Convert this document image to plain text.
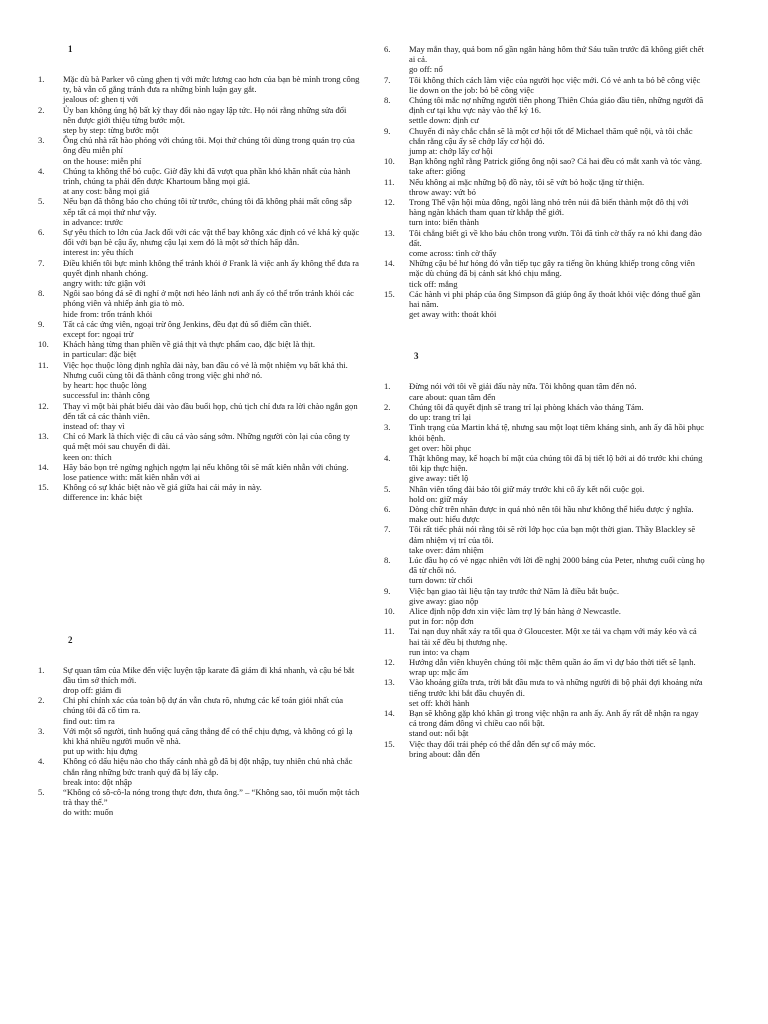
1
1.	Mặc dù bà Parker vô cùng ghen tị với mức lương cao hơn của bạn bè mình trong công ty, bà vẫn cố gắng tránh đưa ra những bình luận gay gắt.
jealous of: ghen tị với
2.	Ủy ban không ủng hộ bất kỳ thay đổi nào ngay lập tức. Họ nói rằng những sửa đổi nên được giới thiệu từng bước một.
step by step: từng bước một
3.	Ông chủ nhà rất hào phóng với chúng tôi. Mọi thứ chúng tôi dùng trong quán trọ của ông đều miễn phí
on the house: miễn phí
4.	Chúng ta không thể bỏ cuộc. Giờ đây khi đã vượt qua phần khó khăn nhất của hành trình, chúng ta phải đến được Khartoum bằng mọi giá.
at any cost: bằng mọi giá
5.	Nếu bạn đã thông báo cho chúng tôi từ trước, chúng tôi đã không phải mất công sắp xếp tất cả mọi thứ như vậy.
in advance: trước
6.	Sự yêu thích to lớn của Jack đối với các vật thể bay không xác định có vẻ khá kỳ quặc đối với bạn bè cậu ấy, nhưng cậu lại xem đó là một sở thích hấp dẫn.
interest in: yêu thích
7.	Điều khiến tôi bực mình không thể tránh khỏi ở Frank là việc anh ấy không thể đưa ra quyết định nhanh chóng.
angry with: tức giận với
8.	Ngôi sao bóng đá sẽ đi nghỉ ở một nơi hẻo lánh nơi anh ấy có thể trốn tránh khỏi các phóng viên và nhiếp ảnh gia tò mò.
hide from: trốn tránh khỏi
9.	Tất cả các ứng viên, ngoại trừ ông Jenkins, đều đạt đủ số điểm cần thiết.
except for: ngoại trừ
10.	Khách hàng từng than phiền về giá thịt và thực phẩm cao, đặc biệt là thịt.
in particular: đặc biệt
11.	Việc học thuộc lòng định nghĩa dài này, ban đầu có vẻ là một nhiệm vụ bất khả thi. Nhưng cuối cùng tôi đã thành công trong việc ghi nhớ nó.
by heart: học thuộc lòng
successful in: thành công
12.	Thay vì một bài phát biểu dài vào đầu buổi họp, chủ tịch chỉ đưa ra lời chào ngắn gọn đến tất cả các thành viên.
instead of: thay vì
13.	Chỉ có Mark là thích việc đi câu cá vào sáng sớm. Những người còn lại của công ty quá mệt mỏi sau chuyến đi dài.
keen on: thích
14.	Hãy bảo bọn trẻ ngừng nghịch ngợm lại nếu không tôi sẽ mất kiên nhẫn với chúng.
lose patience with: mất kiên nhẫn với ai
15.	Không có sự khác biệt nào về giá giữa hai cái máy in này.
difference in: khác biệt
2
1.	Sự quan tâm của Mike đến việc luyện tập karate đã giảm đi khá nhanh, và cậu bé bắt đầu tìm sở thích mới.
drop off: giảm đi
2.	Chi phí chính xác của toàn bộ dự án vẫn chưa rõ, nhưng các kế toán giỏi nhất của chúng tôi đã cố tìm ra.
find out: tìm ra
3.	Với một số người, tình huống quá căng thẳng để có thể chịu đựng, và không có gì lạ khi khá nhiều người muốn về nhà.
put up with: hịu đựng
4.	Không có dấu hiệu nào cho thấy cánh nhà gỗ đã bị đột nhập, tuy nhiên chủ nhà chắc chắn rằng những bức tranh quý đã bị lấy cắp.
break into: đột nhập
5.	“Không có sô-cô-la nóng trong thực đơn, thưa ông.” – “Không sao, tôi muốn một tách trà thay thế.”
do with: muốn
6.	May mắn thay, quả bom nổ gần ngân hàng hôm thứ Sáu tuần trước đã không giết chết ai cả.
go off: nổ
7.	Tôi không thích cách làm việc của người học việc mới. Có vẻ anh ta bỏ bê công việc
lie down on the job: bỏ bê công việc
8.	Chúng tôi mắc nợ những người tiên phong Thiên Chúa giáo đầu tiên, những người đã định cư tại khu vực này vào thế kỷ 16.
settle down: định cư
9.	Chuyến đi này chắc chắn sẽ là một cơ hội tốt để Michael thăm quê nội, và tôi chắc chắn rằng cậu ấy sẽ chớp lấy cơ hội đó.
jump at: chớp lấy cơ hội
10.	Bạn không nghĩ rằng Patrick giống ông nội sao? Cả hai đều có mắt xanh và tóc vàng.
take after: giống
11.	Nếu không ai mặc những bộ đồ này, tôi sẽ vứt bỏ hoặc tặng từ thiện.
throw away: vứt bỏ
12.	Trong Thế vận hội mùa đông, ngôi làng nhỏ trên núi đã biến thành một đô thị với hàng ngàn khách tham quan từ khắp thế giới.
turn into: biến thành
13.	Tôi chẳng biết gì về kho báu chôn trong vườn. Tôi đã tình cờ thấy ra nó khi đang đào đất.
come across: tình cờ thấy
14.	Những cậu bé hư hỏng đó vẫn tiếp tục gây ra tiếng ồn khủng khiếp trong công viên mặc dù chúng đã bị cảnh sát khó chịu mắng.
tick off: mắng
15.	Các hành vi phi pháp của ông Simpson đã giúp ông ấy thoát khỏi việc đóng thuế gần hai năm.
get away with: thoát khỏi
3
1.	Đừng nói với tôi về giải đấu này nữa. Tôi không quan tâm đến nó.
care about: quan tâm đến
2.	Chúng tôi đã quyết định sẽ trang trí lại phòng khách vào tháng Tám.
do up: trang trí lại
3.	Tình trạng của Martin khá tệ, nhưng sau một loạt tiêm kháng sinh, anh ấy đã hồi phục khỏi bệnh.
get over: hồi phục
4.	Thật không may, kế hoạch bí mật của chúng tôi đã bị tiết lộ bởi ai đó trước khi chúng tôi kịp thực hiện.
give away: tiết lộ
5.	Nhân viên tổng đài bảo tôi giữ máy trước khi cô ấy kết nối cuộc gọi.
hold on: giữ máy
6.	Dòng chữ trên nhãn được in quá nhỏ nên tôi hầu như không thể hiểu được ý nghĩa.
make out: hiểu được
7.	Tôi rất tiếc phải nói rằng tôi sẽ rời lớp học của bạn một thời gian. Thầy Blackley sẽ đảm nhiệm vị trí của tôi.
take over: đảm nhiệm
8.	Lúc đầu họ có vẻ ngạc nhiên với lời đề nghị 2000 bảng của Peter, nhưng cuối cùng họ đã từ chối nó.
turn down: từ chối
9.	Việc bạn giao tài liệu tận tay trước thứ Năm là điều bắt buộc.
give away: giao nộp
10.	Alice định nộp đơn xin việc làm trợ lý bán hàng ở Newcastle.
put in for: nộp đơn
11.	Tai nạn duy nhất xảy ra tối qua ở Gloucester. Một xe tải va chạm với máy kéo và cả hai tài xế đều bị thương nhẹ.
run into: va chạm
12.	Hướng dẫn viên khuyên chúng tôi mặc thêm quần áo ấm vì dự báo thời tiết sẽ lạnh.
wrap up: mặc ấm
13.	Vào khoảng giữa trưa, trời bắt đầu mưa to và những người đi bộ phải đợi khoảng nửa tiếng trước khi bắt đầu chuyến đi.
set off: khởi hành
14.	Bạn sẽ không gặp khó khăn gì trong việc nhận ra anh ấy. Anh ấy rất dễ nhận ra ngay cả trong đám đông vì chiều cao nổi bật.
stand out: nổi bật
15.	Việc thay đổi trái phép có thể dẫn đến sự cố máy móc.
bring about: dẫn đến
